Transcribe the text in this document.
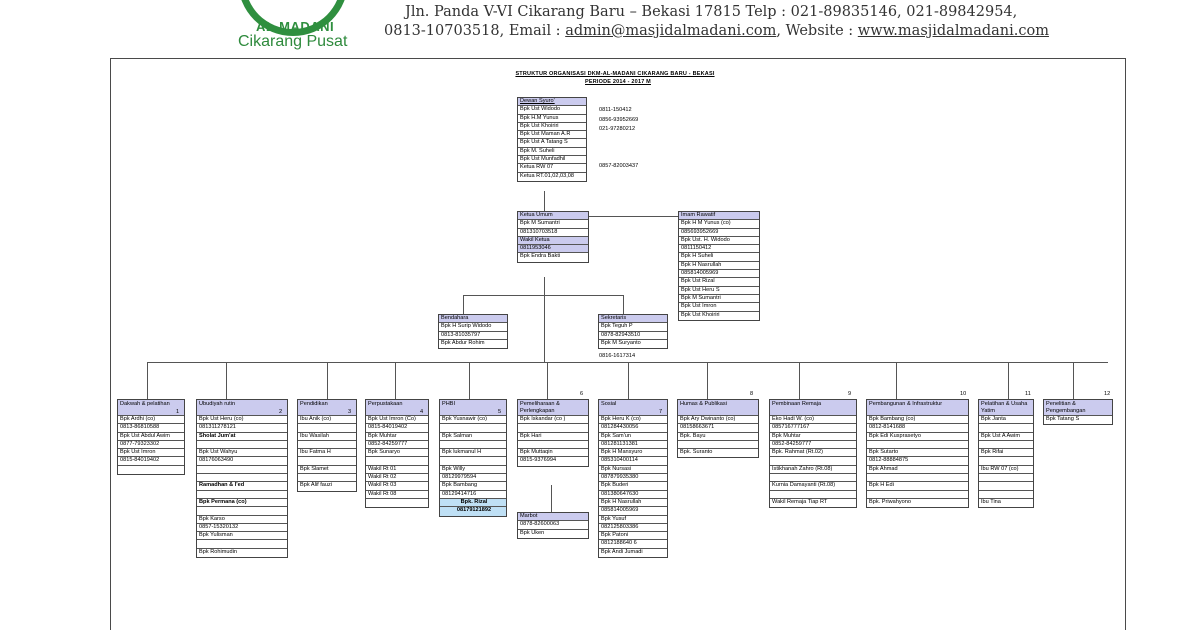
AL-MADANI
Cikarang Pusat
Jln. Panda V-VI Cikarang Baru – Bekasi 17815 Telp : 021-89835146, 021-89842954,
0813-10703518, Email : admin@masjidalmadani.com, Website : www.masjidalmadani.com
STRUKTUR ORGANISASI DKM-AL-MADANI CIKARANG BARU - BEKASI
PERIODE 2014 - 2017 M
Dewan Syuro'
Bpk Ust Widodo
Bpk H.M Yunus
Bpk Ust Khoiriri
Bpk Ust Maman A.R
Bpk Ust A Tatang S
Bpk M. Suheli
Bpk Ust Munfadhil
Ketua RW 07
Ketua RT.01,02,03,08
0811-150412
0856-93952669
021-97280212
0857-82003437
Ketua Umum
Bpk M Sumantri
081310703518
Wakil Ketua
0811953046
Bpk Endra Bakti
Imam Rawatif
Bpk H M Yunus (co)
085693952669
Bpk Ust. H. Widodo
0811150412
Bpk H Suheli
Bpk H Nasrullah
085814005969
Bpk Ust Rizal
Bpk Ust Heru S
Bpk M Sumantri
Bpk Ust Imron
Bpk Ust Khoiriri
Bendahara
Bpk H Surip Widodo
0813-81035797
Bpk Abdur Rohim
Sekretaris
Bpk Teguh P
0878-82943510
Bpk M Suryanto
0816-1617314
Dakwah & pelatihan
Bpk Ardhi (co)
0813-86810588
Bpk Ust Abdul Awim
0877-79323302
Bpk Ust Imron
0815-84019402
1
Ubudiyah rutin
Bpk Ust Heru (co)
081311278121
Sholat Jum'at
Bpk Ust Wahyu
08176063490
Ramadhan & I'ed
Bpk Permana (co)
Bpk Karso
0857-15320132
Bpk Yulisman
Bpk Rohimudin
2
Pendidikan
Ibu Anik (co)
Ibu Wasilah
Ibu Fatma H
Bpk Slamet
Bpk Alif fauzi
3
Perpustakaan
Bpk Ust Imron (Co)
0815-84019402
Bpk Muhtar
0852-84259777
Bpk Sunaryo
Wakil Rt 01
Wakil Rt 02
Wakil Rt 03
Wakil Rt 08
4
PHBI
Bpk Yusnawir (co)
Bpk Salman
Bpk lukmanul H
Bpk Willy
08129979594
Bpk Bambang
08129414716
Bpk. Rizal
08179121892
5
Pemeliharaan & Perlengkapan
Bpk Iskandar (co )
Bpk Hari
Bpk Muttaqin
0815-9376994
6
Sosial
Bpk Heru K (co)
081284430056
Bpk Sam'un
081281131381
Bpk H Mansyuro
085310400114
Bpk Nursasi
087879935380
Bpk Buderi
081380647630
Bpk H Nasrullah
085814005969
Bpk Yusuf
082125803386
Bpk Patoni
0812188640 6
Bpk Andi Jumadi
7
Humas & Publikasi
Bpk Ary Dwinanto (co)
08158663671
Bpk. Bayu
Bpk. Suranto
8
Pembinaan Remaja
Eko Hadi W. (co)
085716777167
Bpk Muhtar
0852-84259777
Bpk. Rahmat (Rt.02)
Istikhanah Zahro (Rt.08)
Kurnia Damayanti (Rt.08)
Wakil Remaja Tiap RT
9
Pembangunan & Infrastruktur
Bpk Bambang (co)
0812-8141688
Bpk Edi Kusprasetyo
Bpk Sutarto
0812-88884875
Bpk Ahmad
Bpk H Edi
Bpk. Priwahyono
10
Pelatihan & Usaha Yatim
Bpk Janta
Bpk Ust A Awim
Bpk Rifai
Ibu RW 07 (co)
Ibu Tina
11
Penelitian & Pengembangan
Bpk Tatang S
12
Marbot
0878-82600063
Bpk Uken
